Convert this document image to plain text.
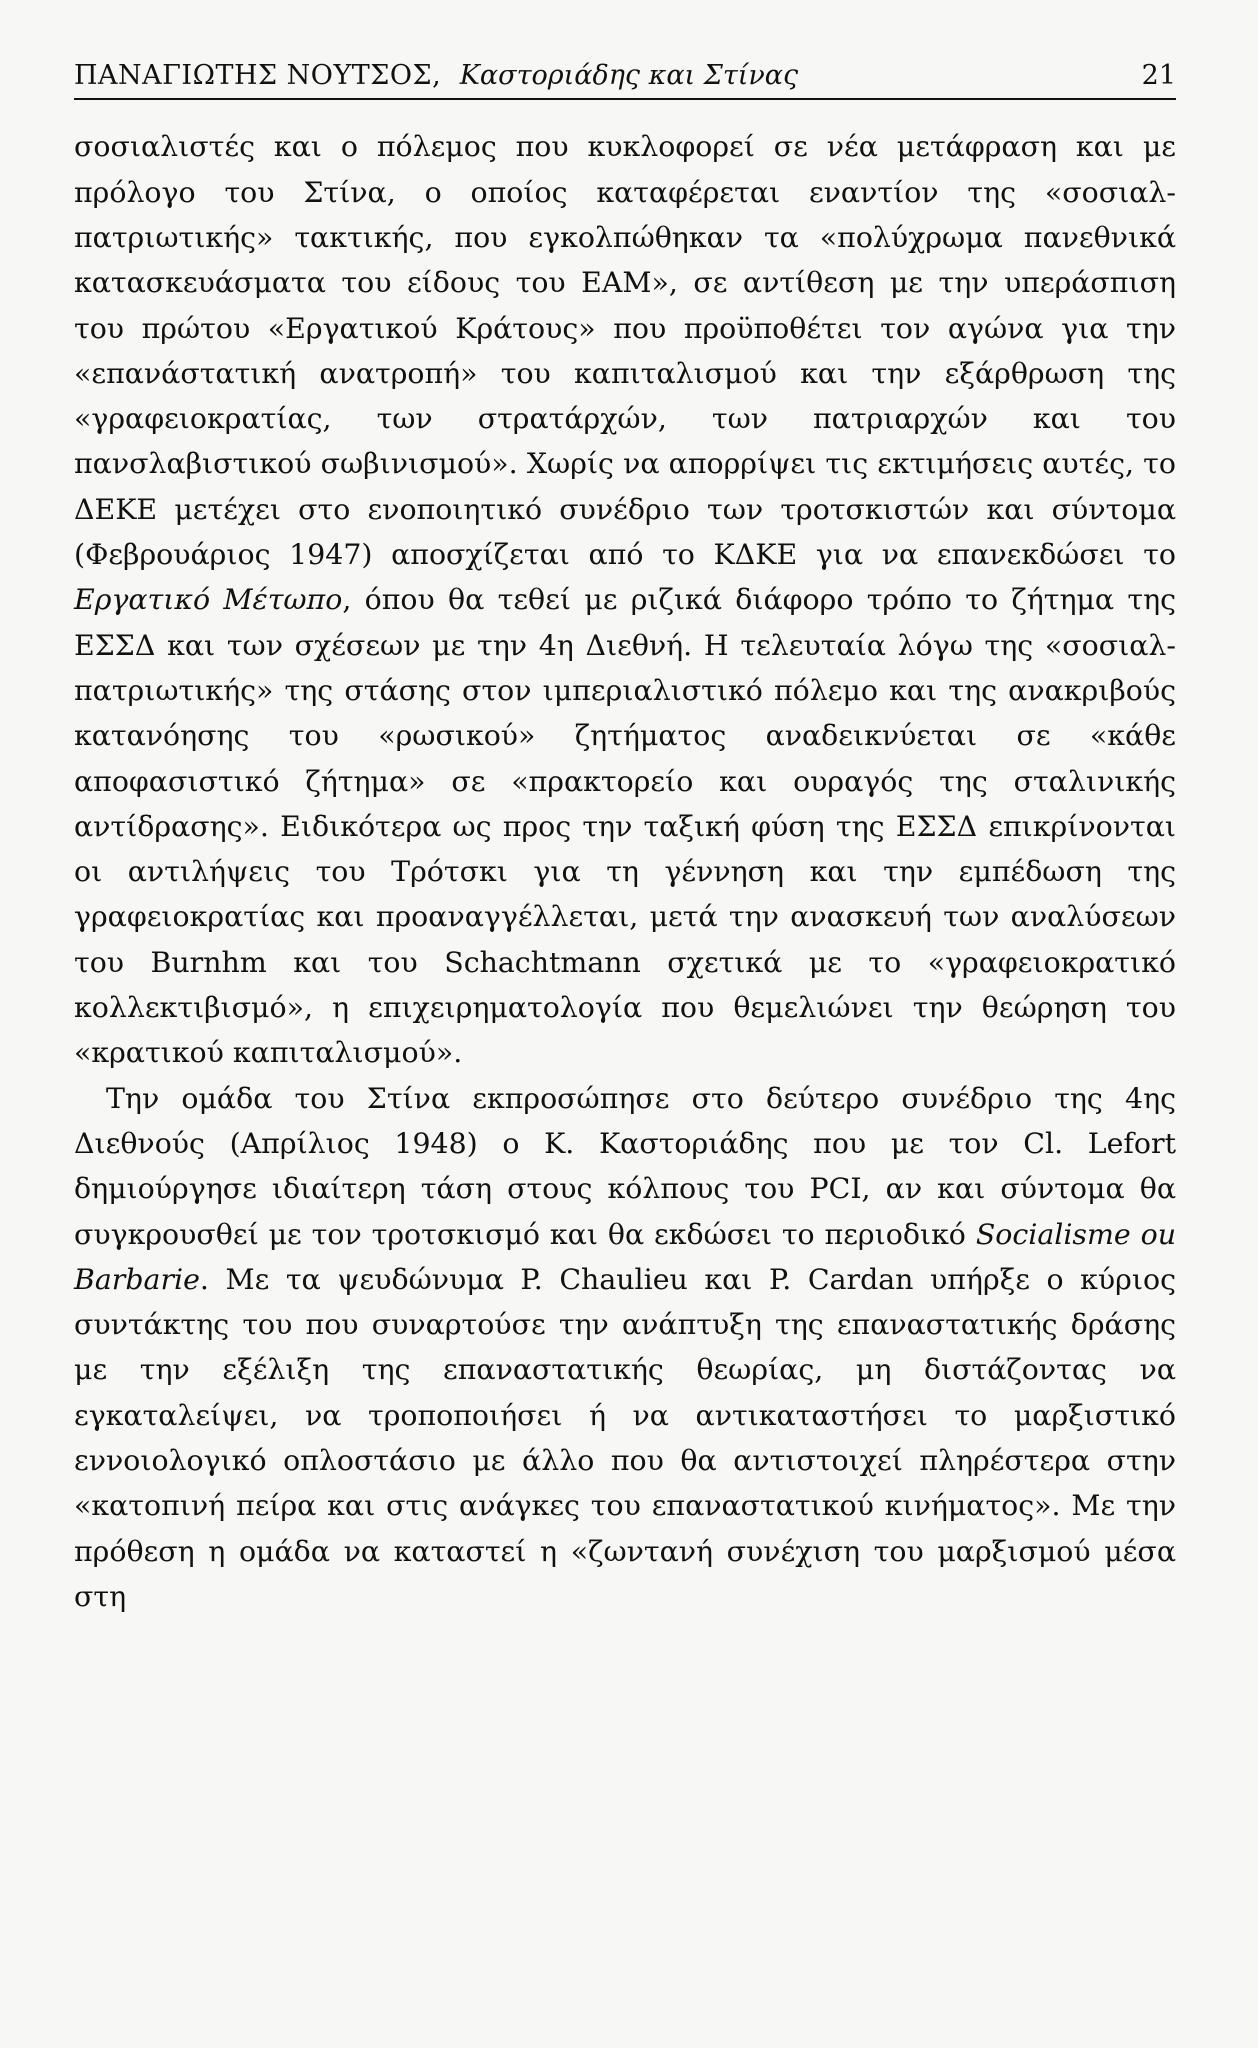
ΠΑΝΑΓΙΩΤΗΣ ΝΟΥΤΣΟΣ,
Καστοριάδης και Στίνας	21

σοσιαλιστές και ο πόλεμος που κυκλοφορεί σε νέα μετάφραση και με πρόλογο του Στίνα, ο οποίος καταφέρεται εναντίον της «σοσιαλ-πατριωτικής» τακτικής, που εγκολπώθηκαν τα «πολύχρωμα πανεθνικά κατασκευάσματα του είδους του ΕΑΜ», σε αντίθεση με την υπεράσπιση του πρώτου «Εργατικού Κράτους» που προϋποθέτει τον αγώνα για την «επανάστατική ανατροπή» του καπιταλισμού και την εξάρθρωση της «γραφειοκρατίας, των στρατάρχών, των πατριαρχών και του πανσλαβιστικού σωβινισμού». Χωρίς να απορρίψει τις εκτιμήσεις αυτές, το ΔΕΚΕ μετέχει στο ενοποιητικό συνέδριο των τροτσκιστών και σύντομα (Φεβρουάριος 1947) αποσχίζεται από το ΚΔΚΕ για να επανεκδώσει το Εργατικό Μέτωπο, όπου θα τεθεί με ριζικά διάφορο τρόπο το ζήτημα της ΕΣΣΔ και των σχέσεων με την 4η Διεθνή. Η τελευταία λόγω της «σοσιαλ-πατριωτικής» της στάσης στον ιμπεριαλιστικό πόλεμο και της ανακριβούς κατανόησης του «ρωσικού» ζητήματος αναδεικνύεται σε «κάθε αποφασιστικό ζήτημα» σε «πρακτορείο και ουραγός της σταλινικής αντίδρασης». Ειδικότερα ως προς την ταξική φύση της ΕΣΣΔ επικρίνονται οι αντιλήψεις του Τρότσκι για τη γέννηση και την εμπέδωση της γραφειοκρατίας και προαναγγέλλεται, μετά την ανασκευή των αναλύσεων του Burnhm και του Schachtmann σχετικά με το «γραφειοκρατικό κολλεκτιβισμό», η επιχειρηματολογία που θεμελιώνει την θεώρηση του «κρατικού καπιταλισμού».

Την ομάδα του Στίνα εκπροσώπησε στο δεύτερο συνέδριο της 4ης Διεθνούς (Απρίλιος 1948) ο Κ. Καστοριάδης που με τον Cl. Lefort δημιούργησε ιδιαίτερη τάση στους κόλπους του PCI, αν και σύντομα θα συγκρουσθεί με τον τροτσκισμό και θα εκδώσει το περιοδικό Socialisme ou Barbarie. Με τα ψευδώνυμα P. Chaulieu και P. Cardan υπήρξε ο κύριος συντάκτης του που συναρτούσε την ανάπτυξη της επαναστατικής δράσης με την εξέλιξη της επαναστατικής θεωρίας, μη διστάζοντας να εγκαταλείψει, να τροποποιήσει ή να αντικαταστήσει το μαρξιστικό εννοιολογικό οπλοστάσιο με άλλο που θα αντιστοιχεί πληρέστερα στην «κατοπινή πείρα και στις ανάγκες του επαναστατικού κινήματος». Με την πρόθεση η ομάδα να καταστεί η «ζωντανή συνέχιση του μαρξισμού μέσα στη
